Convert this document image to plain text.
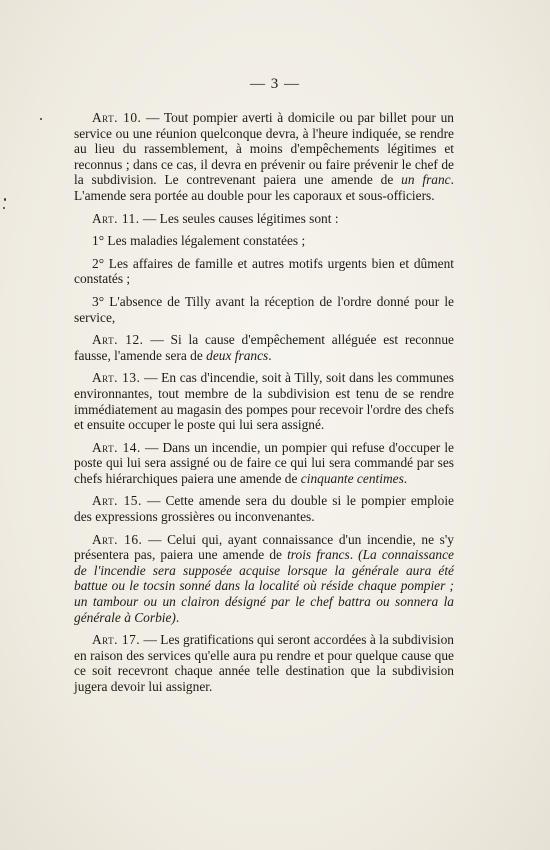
— 3 —

Art. 10. — Tout pompier averti à domicile ou par billet pour un service ou une réunion quelconque devra, à l'heure indiquée, se rendre au lieu du rassemblement, à moins d'empêchements légitimes et reconnus ; dans ce cas, il devra en prévenir ou faire prévenir le chef de la subdivision. Le contrevenant paiera une amende de un franc. L'amende sera portée au double pour les caporaux et sous-officiers.

Art. 11. — Les seules causes légitimes sont :

1° Les maladies légalement constatées ;

2° Les affaires de famille et autres motifs urgents bien et dûment constatés ;

3° L'absence de Tilly avant la réception de l'ordre donné pour le service,

Art. 12. — Si la cause d'empêchement alléguée est reconnue fausse, l'amende sera de deux francs.

Art. 13. — En cas d'incendie, soit à Tilly, soit dans les communes environnantes, tout membre de la subdivision est tenu de se rendre immédiatement au magasin des pompes pour recevoir l'ordre des chefs et ensuite occuper le poste qui lui sera assigné.

Art. 14. — Dans un incendie, un pompier qui refuse d'occuper le poste qui lui sera assigné ou de faire ce qui lui sera commandé par ses chefs hiérarchiques paiera une amende de cinquante centimes.

Art. 15. — Cette amende sera du double si le pompier emploie des expressions grossières ou inconvenantes.

Art. 16. — Celui qui, ayant connaissance d'un incendie, ne s'y présentera pas, paiera une amende de trois francs. (La connaissance de l'incendie sera supposée acquise lorsque la générale aura été battue ou le tocsin sonné dans la localité où réside chaque pompier ; un tambour ou un clairon désigné par le chef battra ou sonnera la générale à Corbie).

Art. 17. — Les gratifications qui seront accordées à la subdivision en raison des services qu'elle aura pu rendre et pour quelque cause que ce soit recevront chaque année telle destination que la subdivision jugera devoir lui assigner.
